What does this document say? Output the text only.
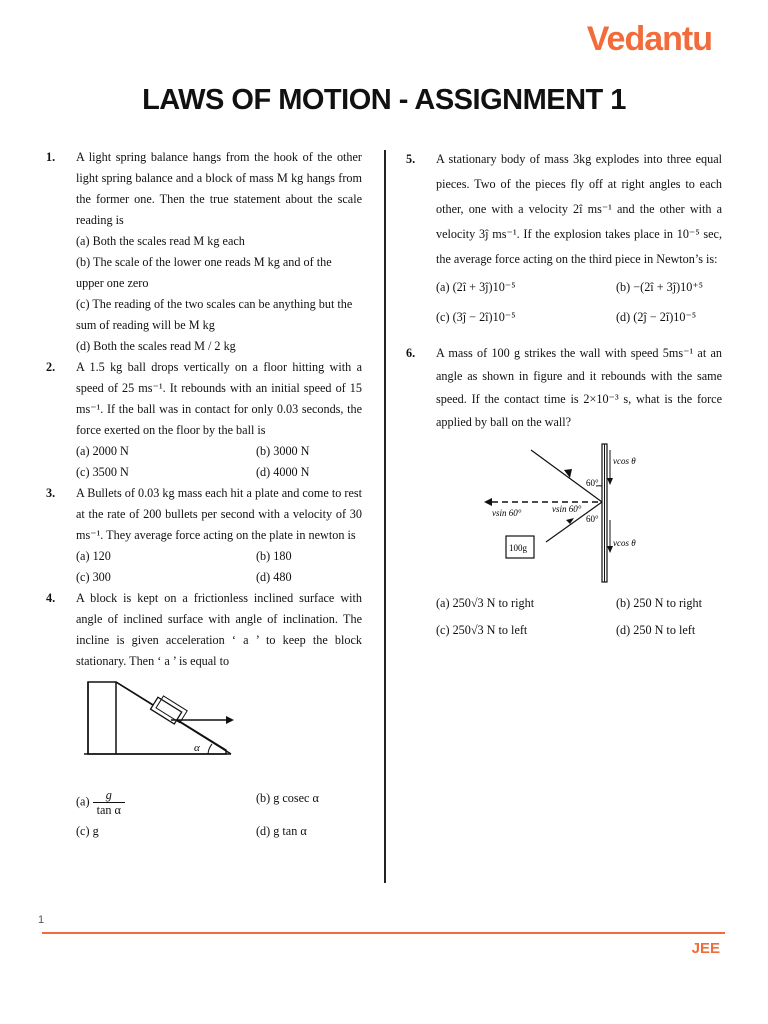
Vedantu
LAWS OF MOTION - ASSIGNMENT 1
1. A light spring balance hangs from the hook of the other light spring balance and a block of mass M kg hangs from the former one. Then the true statement about the scale reading is
(a) Both the scales read M kg each
(b) The scale of the lower one reads M kg and of the upper one zero
(c) The reading of the two scales can be anything but the sum of reading will be M kg
(d) Both the scales read M / 2 kg
2. A 1.5 kg ball drops vertically on a floor hitting with a speed of 25 ms⁻¹. It rebounds with an initial speed of 15 ms⁻¹. If the ball was in contact for only 0.03 seconds, the force exerted on the floor by the ball is
(a) 2000 N	(b) 3000 N
(c) 3500 N	(d) 4000 N
3. A Bullets of 0.03 kg mass each hit a plate and come to rest at the rate of 200 bullets per second with a velocity of 30 ms⁻¹. They average force acting on the plate in newton is
(a) 120	(b) 180
(c) 300	(d) 480
4. A block is kept on a frictionless inclined surface with angle of inclined surface with angle of inclination. The incline is given acceleration ‘ a ’ to keep the block stationary. Then ‘ a ’ is equal to
α
$(a) \frac{g}{\text{tan α}}$	(b) g cosec α
(c) g	(d) g tan α
5. A stationary body of mass 3kg explodes into three equal pieces. Two of the pieces fly off at right angles to each other, one with a velocity 2î ms⁻¹ and the other with a velocity 3ĵ ms⁻¹. If the explosion takes place in 10⁻⁵ sec, the average force acting on the third piece in Newton’s is:
(a) (2î + 3ĵ)10⁻⁵	(b) −(2î + 3ĵ)10⁺⁵
(c) (3ĵ − 2î)10⁻⁵	(d) (2ĵ − 2î)10⁻⁵
6. A mass of 100 g strikes the wall with speed 5ms⁻¹ at an angle as shown in figure and it rebounds with the same speed. If the contact time is 2×10⁻³ s, what is the force applied by ball on the wall?
vcos θ
vcos θ
60°
60°
vsin 60°	vsin 60°
100g
(a) 250√3 N to right	(b) 250 N to right
(c) 250√3 N to left	(d) 250 N to left
1
JEE
